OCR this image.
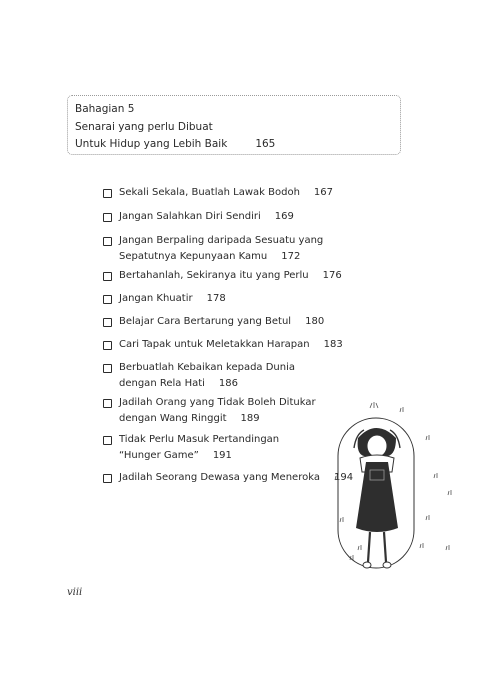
Bahagian 5
Senarai yang perlu Dibuat
Untuk Hidup yang Lebih Baik	165
Sekali Sekala, Buatlah Lawak Bodoh 167
Jangan Salahkan Diri Sendiri 169
Jangan Berpaling daripada Sesuatu yang
Sepatutnya Kepunyaan Kamu 172
Bertahanlah, Sekiranya itu yang Perlu 176
Jangan Khuatir 178
Belajar Cara Bertarung yang Betul 180
Cari Tapak untuk Meletakkan Harapan 183
Berbuatlah Kebaikan kepada Dunia
dengan Rela Hati 186
Jadilah Orang yang Tidak Boleh Ditukar
dengan Wang Ringgit 189
Tidak Perlu Masuk Pertandingan
“Hunger Game” 191
Jadilah Seorang Dewasa yang Meneroka 194
viii
